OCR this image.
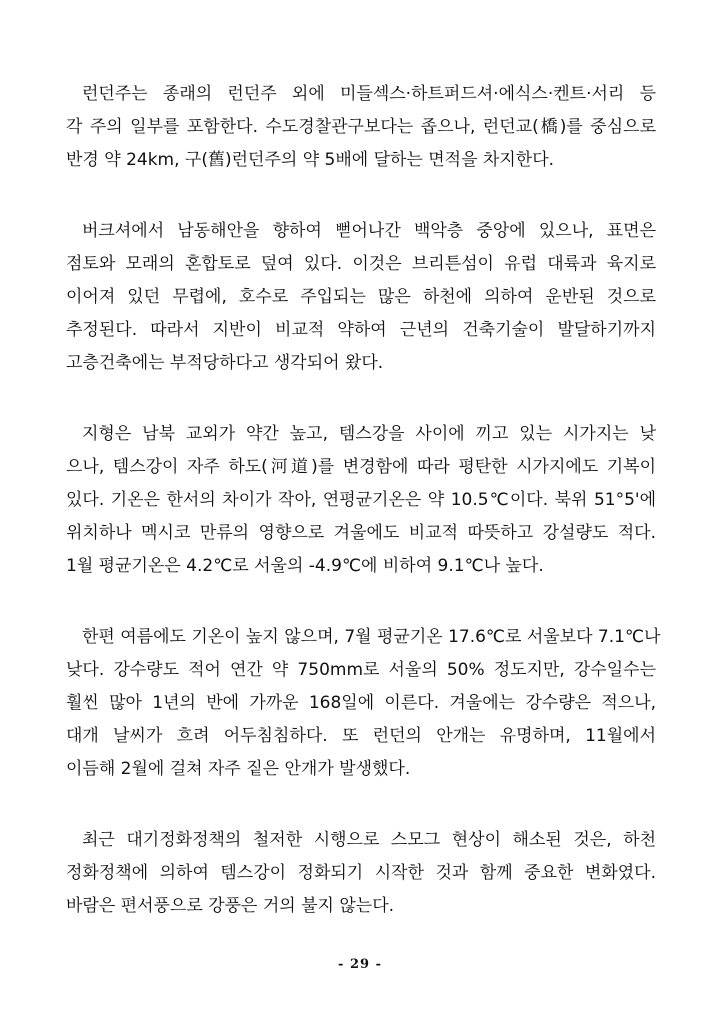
런던주는 종래의 런던주 외에 미들섹스·하트퍼드셔·에식스·켄트·서리 등
각 주의 일부를 포함한다. 수도경찰관구보다는 좁으나, 런던교(橋)를 중심으로
반경 약 24km, 구(舊)런던주의 약 5배에 달하는 면적을 차지한다.
버크셔에서 남동해안을 향하여 뻗어나간 백악층 중앙에 있으나, 표면은
점토와 모래의 혼합토로 덮여 있다. 이것은 브리튼섬이 유럽 대륙과 육지로
이어져 있던 무렵에, 호수로 주입되는 많은 하천에 의하여 운반된 것으로
추정된다. 따라서 지반이 비교적 약하여 근년의 건축기술이 발달하기까지
고층건축에는 부적당하다고 생각되어 왔다.
지형은 남북 교외가 약간 높고, 템스강을 사이에 끼고 있는 시가지는 낮
으나, 템스강이 자주 하도(河道)를 변경함에 따라 평탄한 시가지에도 기복이
있다. 기온은 한서의 차이가 작아, 연평균기온은 약 10.5℃이다. 북위 51°5'에
위치하나 멕시코 만류의 영향으로 겨울에도 비교적 따뜻하고 강설량도 적다.
1월 평균기온은 4.2℃로 서울의 -4.9℃에 비하여 9.1℃나 높다.
한편 여름에도 기온이 높지 않으며, 7월 평균기온 17.6℃로 서울보다 7.1℃나
낮다. 강수량도 적어 연간 약 750mm로 서울의 50% 정도지만, 강수일수는
훨씬 많아 1년의 반에 가까운 168일에 이른다. 겨울에는 강수량은 적으나,
대개 날씨가 흐려 어두침침하다. 또 런던의 안개는 유명하며, 11월에서
이듬해 2월에 걸쳐 자주 짙은 안개가 발생했다.
최근 대기정화정책의 철저한 시행으로 스모그 현상이 해소된 것은, 하천
정화정책에 의하여 템스강이 정화되기 시작한 것과 함께 중요한 변화였다.
바람은 편서풍으로 강풍은 거의 불지 않는다.
- 29 -
